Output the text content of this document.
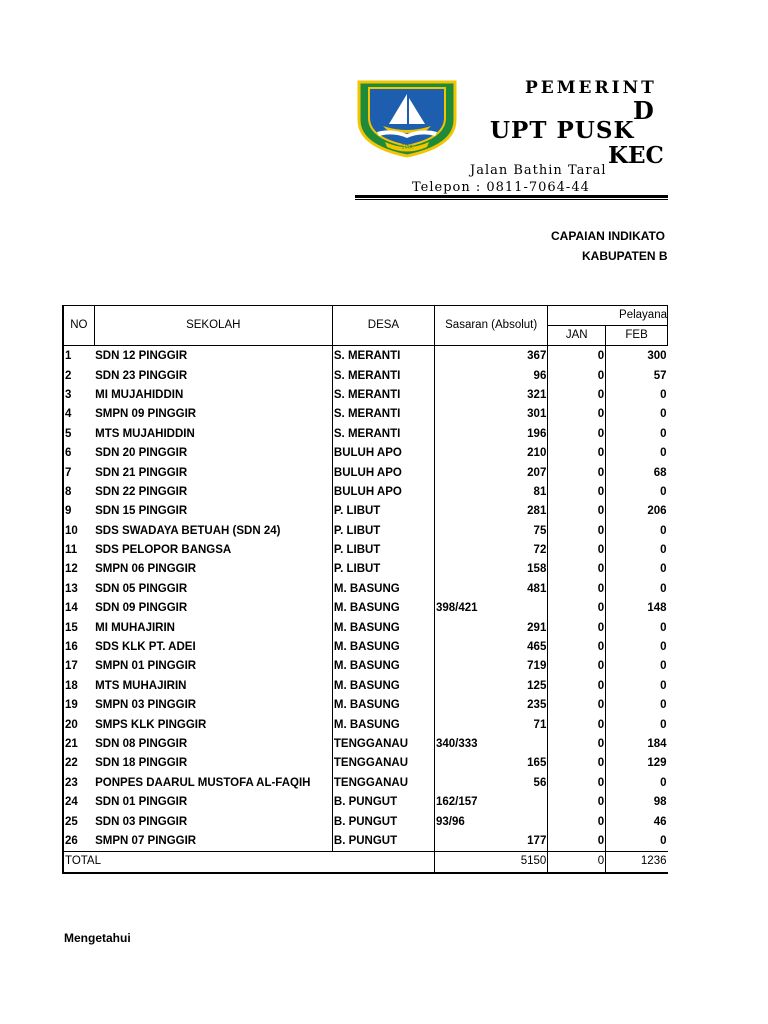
SIAK
PEMERINT
D
UPT PUSK
KEC
Jalan Bathin Taral
Telepon : 0811-7064-44
CAPAIAN INDIKATO
KABUPATEN B
NO	SEKOLAH	DESA	Sasaran (Absolut)	Pelayana	
				JAN	FEB
1	SDN 12 PINGGIR	S. MERANTI	367	0	300
2	SDN 23 PINGGIR	S. MERANTI	96	0	57
3	MI MUJAHIDDIN	S. MERANTI	321	0	0
4	SMPN 09 PINGGIR	S. MERANTI	301	0	0
5	MTS MUJAHIDDIN	S. MERANTI	196	0	0
6	SDN 20 PINGGIR	BULUH APO	210	0	0
7	SDN 21 PINGGIR	BULUH APO	207	0	68
8	SDN 22 PINGGIR	BULUH APO	81	0	0
9	SDN 15 PINGGIR	P. LIBUT	281	0	206
10	SDS SWADAYA BETUAH (SDN 24)	P. LIBUT	75	0	0
11	SDS PELOPOR BANGSA	P. LIBUT	72	0	0
12	SMPN 06 PINGGIR	P. LIBUT	158	0	0
13	SDN 05 PINGGIR	M. BASUNG	481	0	0
14	SDN 09 PINGGIR	M. BASUNG	398/421	0	148
15	MI MUHAJIRIN	M. BASUNG	291	0	0
16	SDS KLK PT. ADEI	M. BASUNG	465	0	0
17	SMPN 01 PINGGIR	M. BASUNG	719	0	0
18	MTS MUHAJIRIN	M. BASUNG	125	0	0
19	SMPN 03 PINGGIR	M. BASUNG	235	0	0
20	SMPS KLK PINGGIR	M. BASUNG	71	0	0
21	SDN 08 PINGGIR	TENGGANAU	340/333	0	184
22	SDN 18 PINGGIR	TENGGANAU	165	0	129
23	PONPES DAARUL MUSTOFA AL-FAQIH	TENGGANAU	56	0	0
24	SDN 01 PINGGIR	B. PUNGUT	162/157	0	98
25	SDN 03 PINGGIR	B. PUNGUT	93/96	0	46
26	SMPN 07 PINGGIR	B. PUNGUT	177	0	0
TOTAL			5150	0	1236
Mengetahui
